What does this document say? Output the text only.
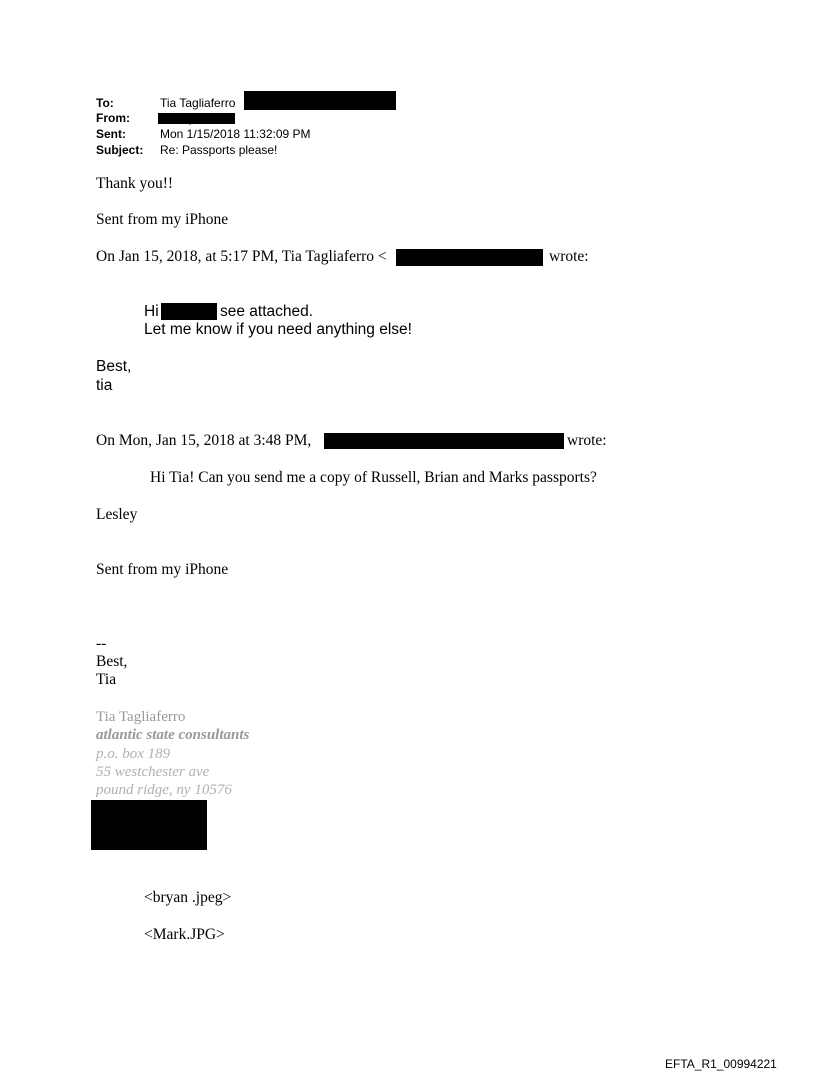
To:	Tia Tagliaferro
From:
Sent:	Mon 1/15/2018 11:32:09 PM
Subject: Re: Passports please!
Thank you!!
Sent from my iPhone
On Jan 15, 2018, at 5:17 PM, Tia Tagliaferro <	wrote:
Hi	see attached.
Let me know if you need anything else!
Best,
tia
On Mon, Jan 15, 2018 at 3:48 PM,	wrote:
Hi Tia! Can you send me a copy of Russell, Brian and Marks passports?
Lesley
Sent from my iPhone
--
Best,
Tia
Tia Tagliaferro
atlantic state consultants
p.o. box 189
55 westchester ave
pound ridge, ny 10576
<bryan .jpeg>
<Mark.JPG>
EFTA_R1_00994221
